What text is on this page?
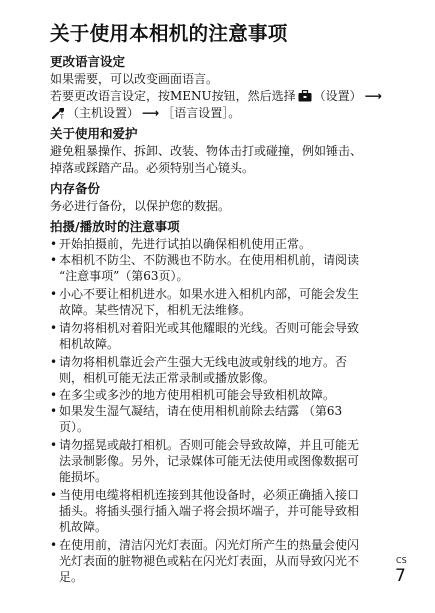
关于使用本相机的注意事项
更改语言设定
如果需要，可以改变画面语言。
若要更改语言设定，按MENU按钮，然后选择 （设置） ⟶
T （主机设置） ⟶ ［语言设置］。
关于使用和爱护
避免粗暴操作、拆卸、改装、物体击打或碰撞，例如锤击、
掉落或踩踏产品。必须特别当心镜头。
内存备份
务必进行备份，以保护您的数据。
拍摄/播放时的注意事项
• 开始拍摄前，先进行试拍以确保相机使用正常。
• 本相机不防尘、不防溅也不防水。在使用相机前，请阅读
“注意事项”（第63页）。
• 小心不要让相机进水。如果水进入相机内部，可能会发生
故障。某些情况下，相机无法维修。
• 请勿将相机对着阳光或其他耀眼的光线。否则可能会导致
相机故障。
• 请勿将相机靠近会产生强大无线电波或射线的地方。否
则，相机可能无法正常录制或播放影像。
• 在多尘或多沙的地方使用相机可能会导致相机故障。
• 如果发生湿气凝结，请在使用相机前除去结露 （第63
页）。
• 请勿摇晃或敲打相机。否则可能会导致故障，并且可能无
法录制影像。另外，记录媒体可能无法使用或图像数据可
能损坏。
• 当使用电缆将相机连接到其他设备时，必须正确插入接口
插头。将插头强行插入端子将会损坏端子，并可能导致相
机故障。
• 在使用前，清洁闪光灯表面。闪光灯所产生的热量会使闪
光灯表面的脏物褪色或粘在闪光灯表面，从而导致闪光不
足。
CS
7
